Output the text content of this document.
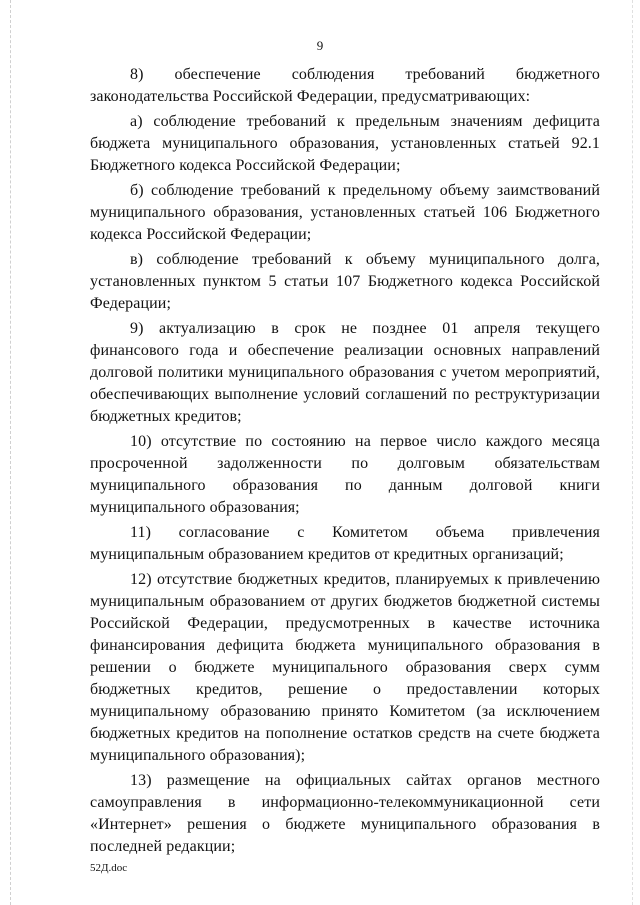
9

8) обеспечение соблюдения требований бюджетного законодательства Российской Федерации, предусматривающих:

а) соблюдение требований к предельным значениям дефицита бюджета муниципального образования, установленных статьей 92.1 Бюджетного кодекса Российской Федерации;

б) соблюдение требований к предельному объему заимствований муниципального образования, установленных статьей 106 Бюджетного кодекса Российской Федерации;

в) соблюдение требований к объему муниципального долга, установленных пунктом 5 статьи 107 Бюджетного кодекса Российской Федерации;

9) актуализацию в срок не позднее 01 апреля текущего финансового года и обеспечение реализации основных направлений долговой политики муниципального образования с учетом мероприятий, обеспечивающих выполнение условий соглашений по реструктуризации бюджетных кредитов;

10) отсутствие по состоянию на первое число каждого месяца просроченной задолженности по долговым обязательствам муниципального образования по данным долговой книги муниципального образования;

11) согласование с Комитетом объема привлечения муниципальным образованием кредитов от кредитных организаций;

12) отсутствие бюджетных кредитов, планируемых к привлечению муниципальным образованием от других бюджетов бюджетной системы Российской Федерации, предусмотренных в качестве источника финансирования дефицита бюджета муниципального образования в решении о бюджете муниципального образования сверх сумм бюджетных кредитов, решение о предоставлении которых муниципальному образованию принято Комитетом (за исключением бюджетных кредитов на пополнение остатков средств на счете бюджета муниципального образования);

13) размещение на официальных сайтах органов местного самоуправления в информационно-телекоммуникационной сети «Интернет» решения о бюджете муниципального образования в последней редакции;

52Д.doc
